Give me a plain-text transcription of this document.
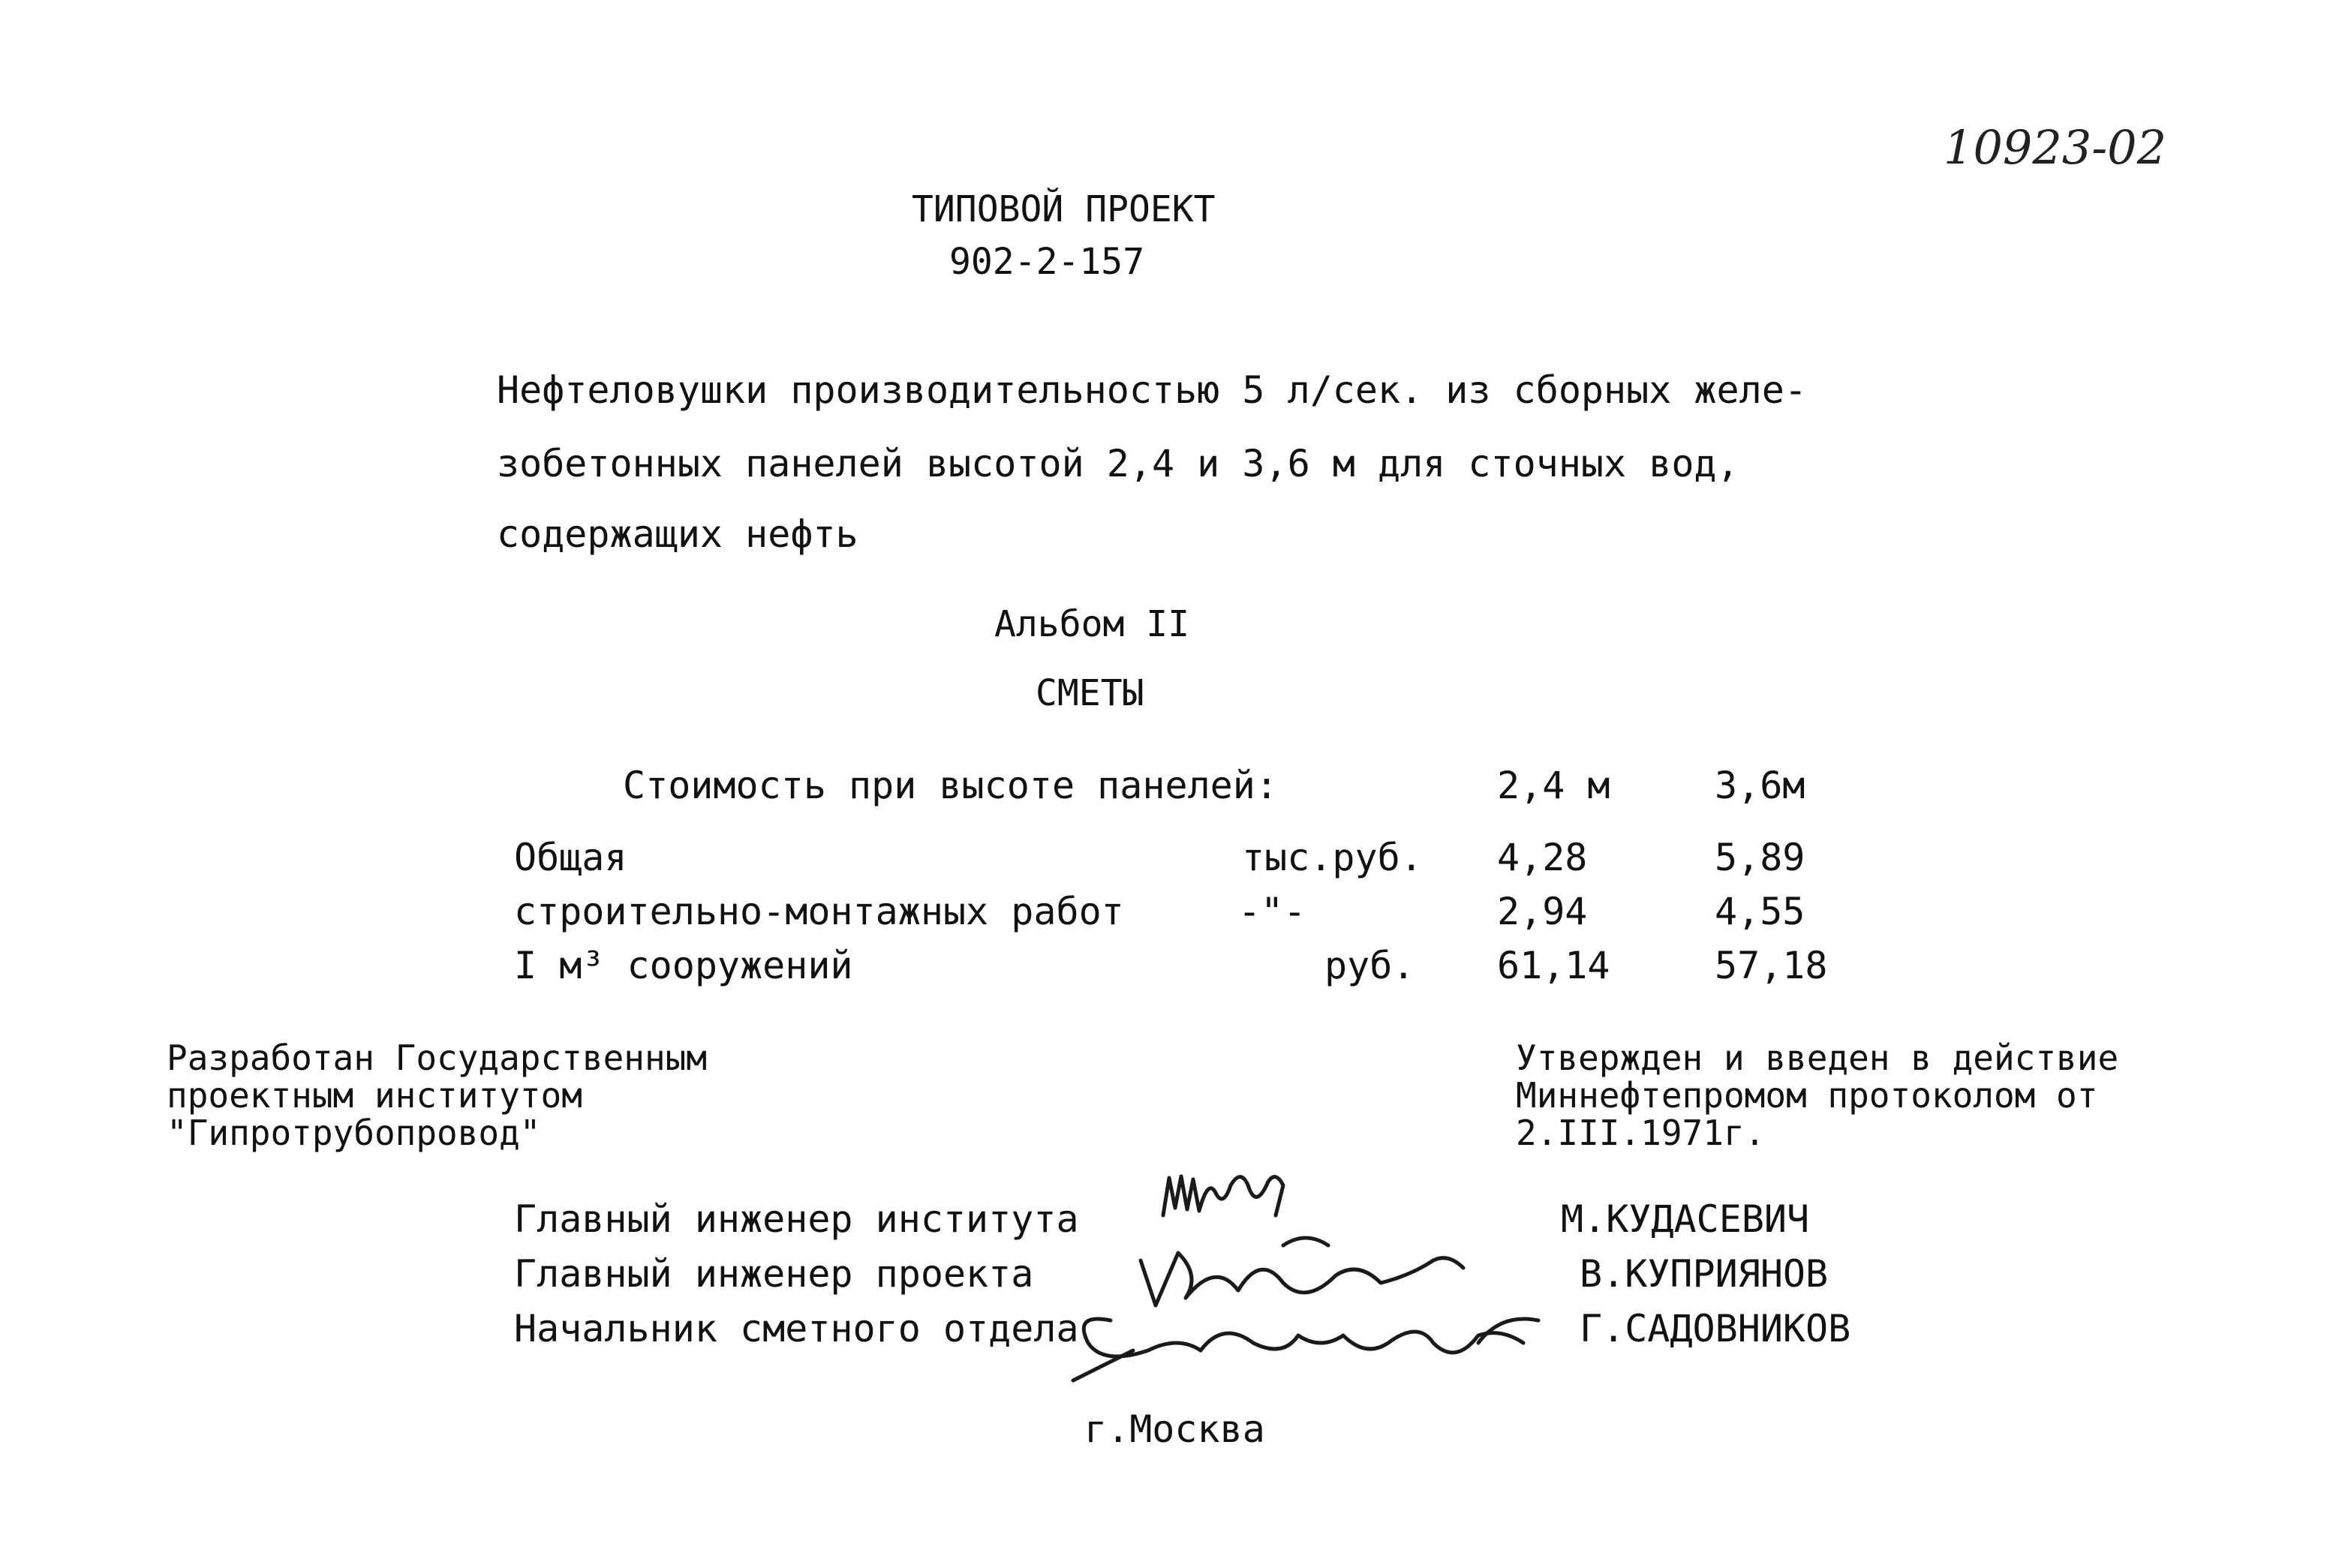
10923-02
ТИПОВОЙ ПРОЕКТ
902-2-157
Нефтеловушки производительностью 5 л/сек. из сборных желе-
зобетонных панелей высотой 2,4 и 3,6 м для сточных вод,
содержащих нефть
Альбом II
СМЕТЫ
Стоимость при высоте панелей:	2,4 м	3,6м
Общая	тыс.руб. 4,28	5,89
строительно-монтажных работ	-"-	2,94	4,55
I м³ сооружений	руб. 61,14	57,18
Разработан Государственным
проектным институтом
"Гипротрубопровод"
Утвержден и введен в действие
Миннефтепромом протоколом от
2.III.1971г.
Главный инженер института	М.КУДАСЕВИЧ
Главный инженер проекта	В.КУПРИЯНОВ
Начальник сметного отдела	Г.САДОВНИКОВ
г.Москва
